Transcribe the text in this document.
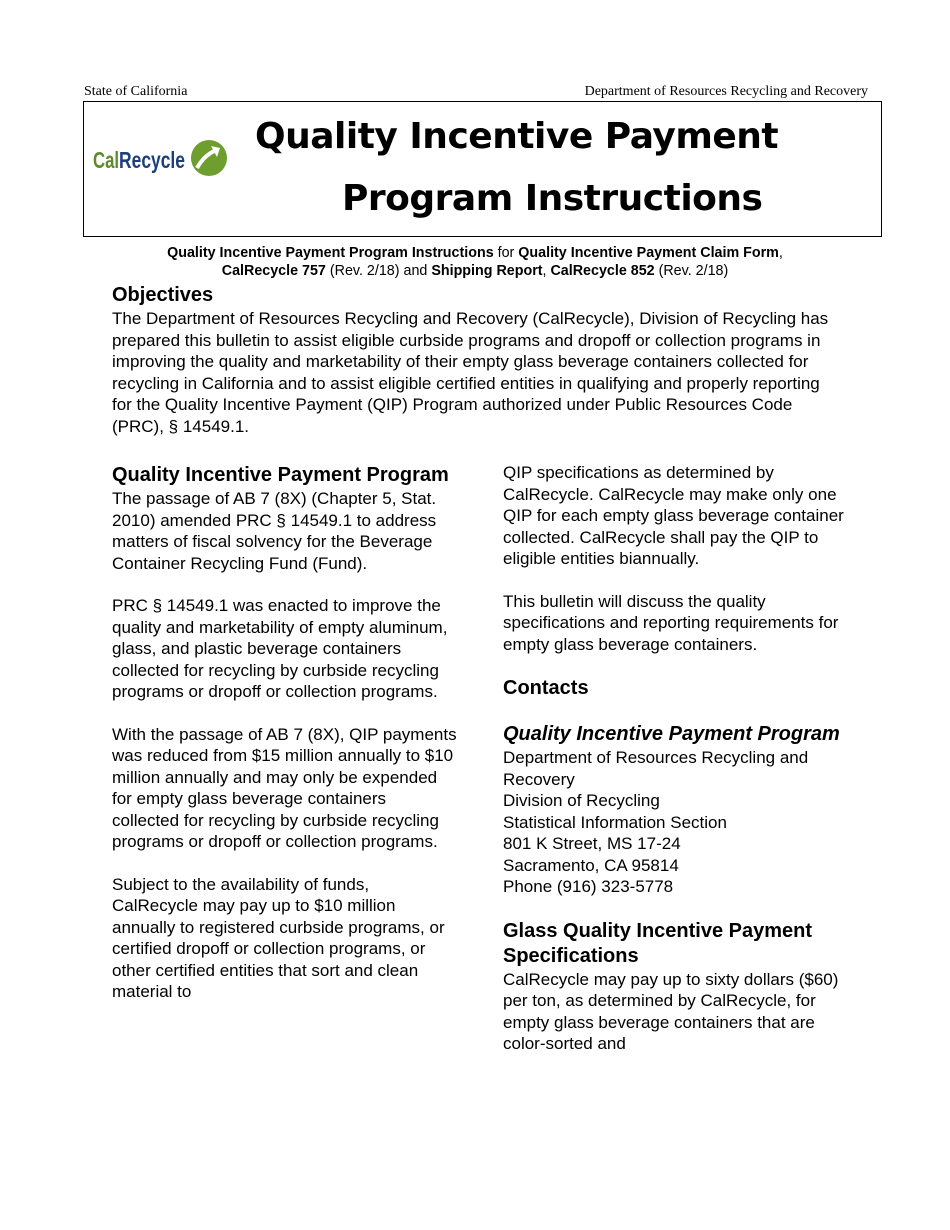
State of California	Department of Resources Recycling and Recovery
Cal Recycle
Quality Incentive Payment
Program Instructions
Quality Incentive Payment Program Instructions for Quality Incentive Payment Claim Form,
CalRecycle 757 (Rev. 2/18) and Shipping Report, CalRecycle 852 (Rev. 2/18)
Objectives
The Department of Resources Recycling and Recovery (CalRecycle), Division of Recycling has prepared this bulletin to assist eligible curbside programs and dropoff or collection programs in improving the quality and marketability of their empty glass beverage containers collected for recycling in California and to assist eligible certified entities in qualifying and properly reporting for the Quality Incentive Payment (QIP) Program authorized under Public Resources Code (PRC), § 14549.1.
Quality Incentive Payment Program

The passage of AB 7 (8X) (Chapter 5, Stat. 2010) amended PRC § 14549.1 to address matters of fiscal solvency for the Beverage Container Recycling Fund (Fund).

PRC § 14549.1 was enacted to improve the quality and marketability of empty aluminum, glass, and plastic beverage containers collected for recycling by curbside recycling programs or dropoff or collection programs.

With the passage of AB 7 (8X), QIP payments was reduced from $15 million annually to $10 million annually and may only be expended for empty glass beverage containers collected for recycling by curbside recycling programs or dropoff or collection programs.

Subject to the availability of funds, CalRecycle may pay up to $10 million annually to registered curbside programs, or certified dropoff or collection programs, or other certified entities that sort and clean material to

QIP specifications as determined by CalRecycle. CalRecycle may make only one QIP for each empty glass beverage container collected. CalRecycle shall pay the QIP to eligible entities biannually.

This bulletin will discuss the quality specifications and reporting requirements for empty glass beverage containers.

Contacts
Quality Incentive Payment Program
Department of Resources Recycling and Recovery
Division of Recycling
Statistical Information Section
801 K Street, MS 17-24
Sacramento, CA 95814
Phone (916) 323-5778
Glass Quality Incentive Payment Specifications

CalRecycle may pay up to sixty dollars ($60) per ton, as determined by CalRecycle, for empty glass beverage containers that are color-sorted and
